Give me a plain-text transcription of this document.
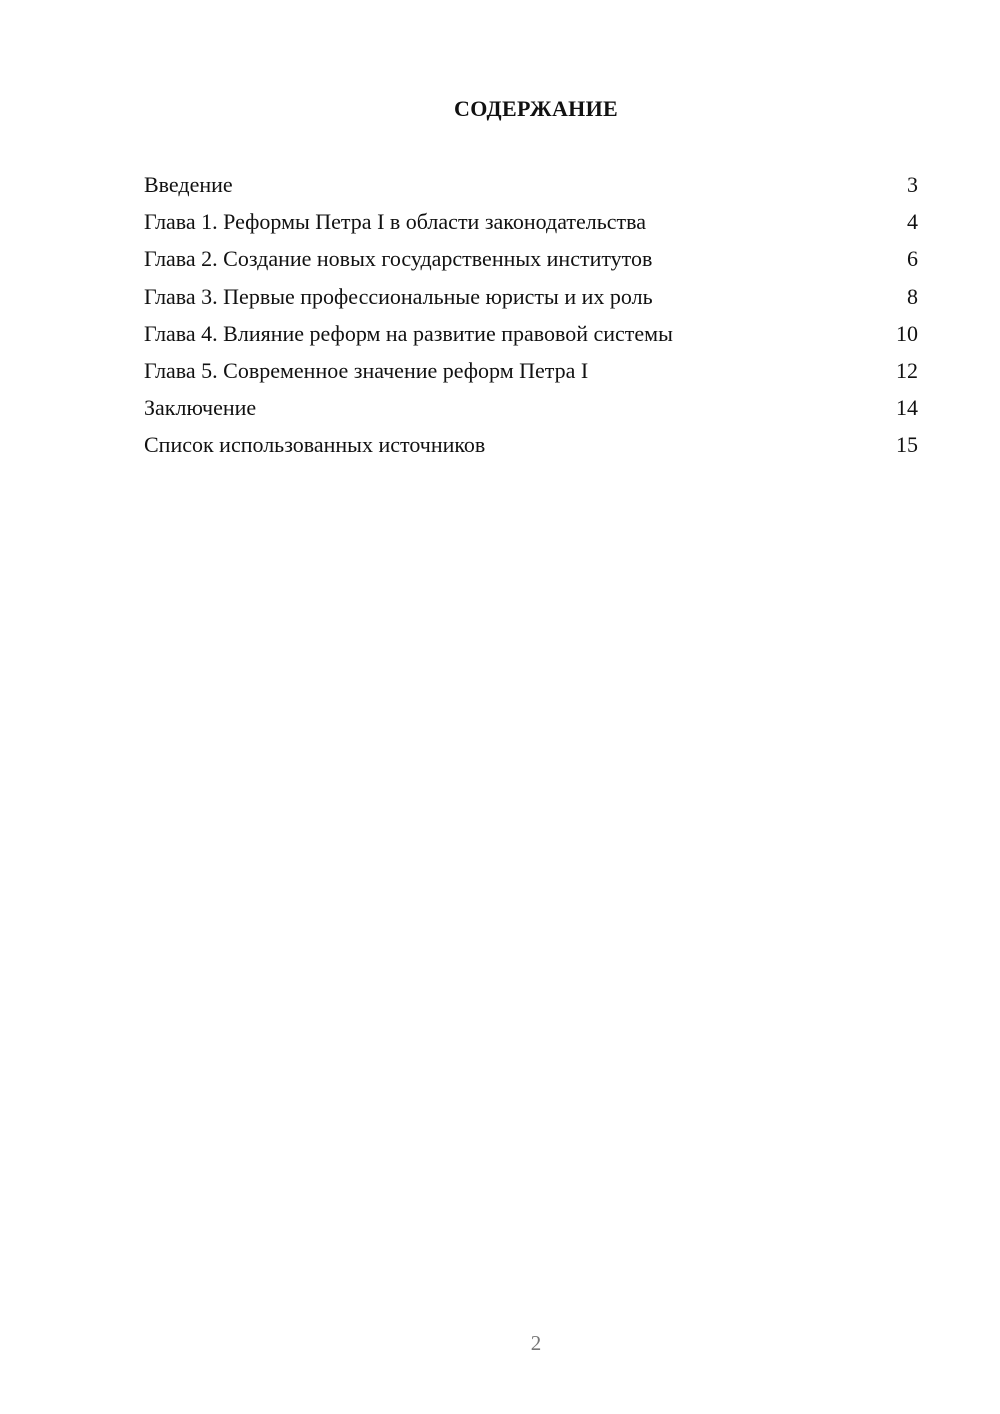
СОДЕРЖАНИЕ
Введение	3
Глава 1. Реформы Петра I в области законодательства	4
Глава 2. Создание новых государственных институтов	6
Глава 3. Первые профессиональные юристы и их роль	8
Глава 4. Влияние реформ на развитие правовой системы	10
Глава 5. Современное значение реформ Петра I	12
Заключение	14
Список использованных источников	15
2
